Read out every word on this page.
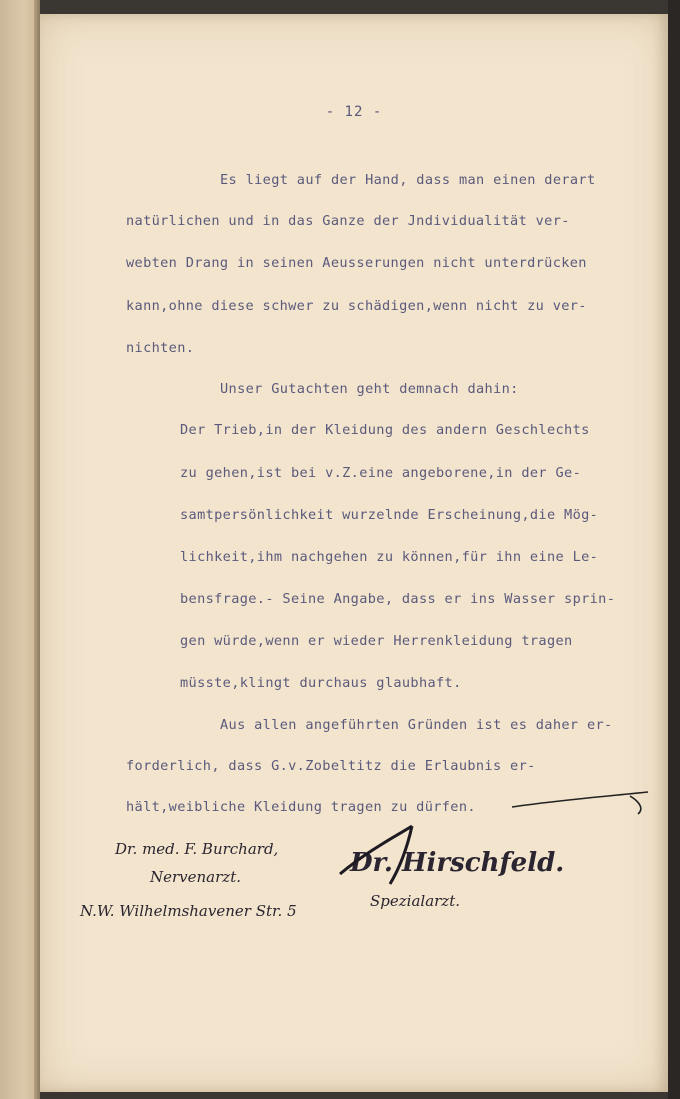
- 12 -
Es liegt auf der Hand, dass man einen derart
natürlichen und in das Ganze der Jndividualität ver-
webten Drang in seinen Aeusserungen nicht unterdrücken
kann,ohne diese schwer zu schädigen,wenn nicht zu ver-
nichten.
Unser Gutachten geht demnach dahin:
Der Trieb,in der Kleidung des andern Geschlechts
zu gehen,ist bei v.Z.eine angeborene,in der Ge-
samtpersönlichkeit wurzelnde Erscheinung,die Mög-
lichkeit,ihm nachgehen zu können,für ihn eine Le-
bensfrage.- Seine Angabe, dass er ins Wasser sprin-
gen würde,wenn er wieder Herrenkleidung tragen
müsste,klingt durchaus glaubhaft.
Aus allen angeführten Gründen ist es daher er-
forderlich, dass G.v.Zobeltitz die Erlaubnis er-
hält,weibliche Kleidung tragen zu dürfen.
Dr. med. F. Burchard,
Nervenarzt.
N.W. Wilhelmshavener Str. 5
Dr. Hirschfeld.
Spezialarzt.
